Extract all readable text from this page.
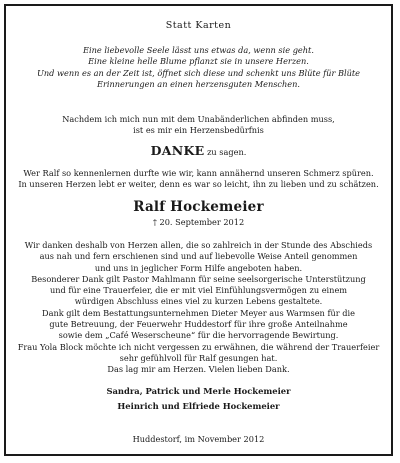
Statt Karten

Eine liebevolle Seele lässt uns etwas da, wenn sie geht.
Eine kleine helle Blume pflanzt sie in unsere Herzen.
Und wenn es an der Zeit ist, öffnet sich diese und schenkt uns Blüte für Blüte
Erinnerungen an einen herzensguten Menschen.
Nachdem ich mich nun mit dem Unabänderlichen abfinden muss,
ist es mir ein Herzensbedürfnis

DANKE zu sagen.

Wer Ralf so kennenlernen durfte wie wir, kann annähernd unseren Schmerz spüren.
In unseren Herzen lebt er weiter, denn es war so leicht, ihn zu lieben und zu schätzen.

Ralf Hockemeier

† 20. September 2012

Wir danken deshalb von Herzen allen, die so zahlreich in der Stunde des Abschieds
aus nah und fern erschienen sind und auf liebevolle Weise Anteil genommen
und uns in jeglicher Form Hilfe angeboten haben.
Besonderer Dank gilt Pastor Mahlmann für seine seelsorgerische Unterstützung
und für eine Trauerfeier, die er mit viel Einfühlungsvermögen zu einem
würdigen Abschluss eines viel zu kurzen Lebens gestaltete.
Dank gilt dem Bestattungsunternehmen Dieter Meyer aus Warmsen für die
gute Betreuung, der Feuerwehr Huddestorf für ihre große Anteilnahme
sowie dem „Café Weserscheune“ für die hervorragende Bewirtung.
Frau Yola Block möchte ich nicht vergessen zu erwähnen, die während der Trauerfeier
sehr gefühlvoll für Ralf gesungen hat.
Das lag mir am Herzen. Vielen lieben Dank.
Sandra, Patrick und Merle Hockemeier
Heinrich und Elfriede Hockemeier

Huddestorf, im November 2012
